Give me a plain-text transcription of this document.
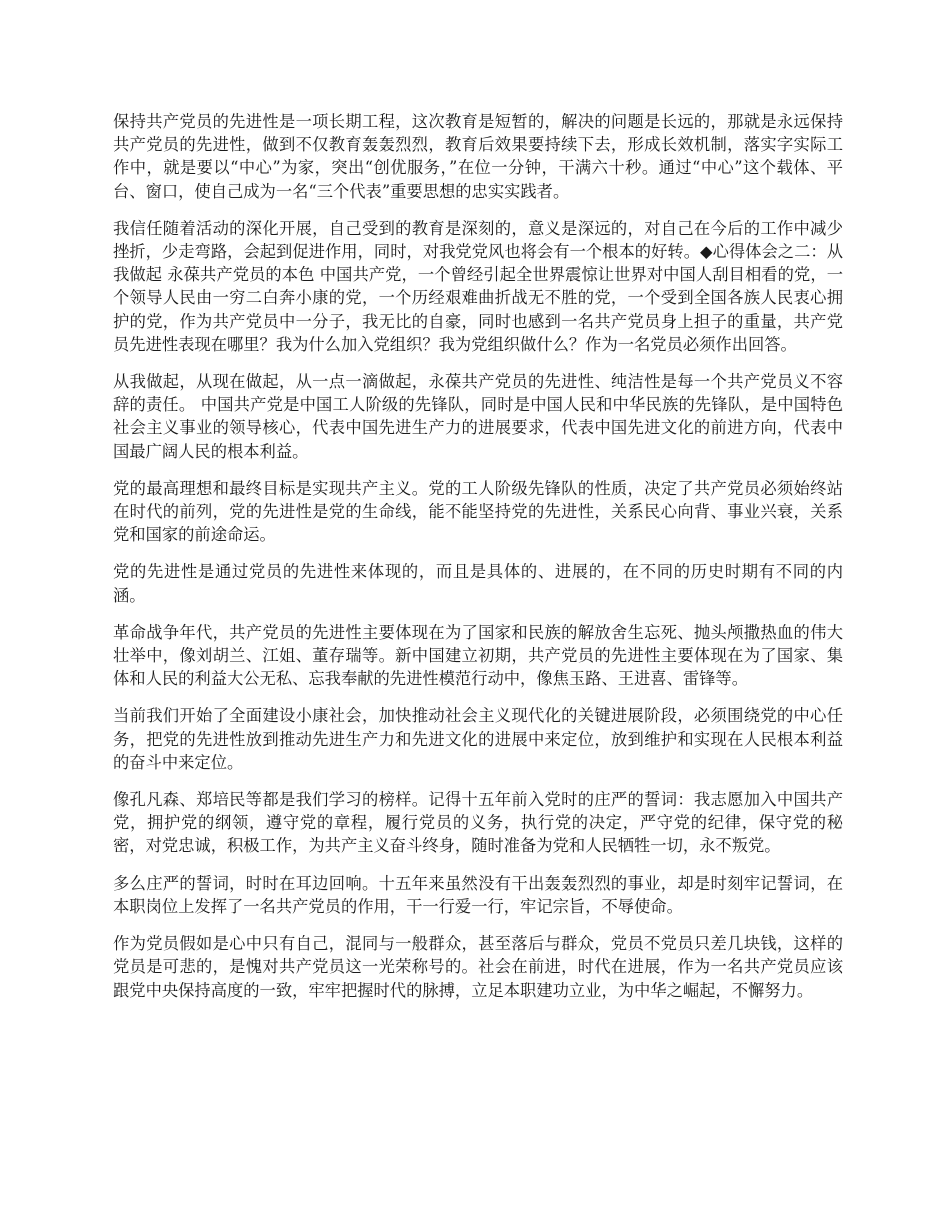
保持共产党员的先进性是一项长期工程，这次教育是短暂的，解决的问题是长远的，那就是永远保持共产党员的先进性，做到不仅教育轰轰烈烈，教育后效果要持续下去，形成长效机制，落实字实际工作中，就是要以“中心”为家，突出“创优服务，”在位一分钟，干满六十秒。通过“中心”这个载体、平台、窗口，使自己成为一名“三个代表”重要思想的忠实实践者。

我信任随着活动的深化开展，自己受到的教育是深刻的，意义是深远的，对自己在今后的工作中减少挫折，少走弯路，会起到促进作用，同时，对我党党风也将会有一个根本的好转。◆心得体会之二：从我做起 永葆共产党员的本色 中国共产党，一个曾经引起全世界震惊让世界对中国人刮目相看的党，一个领导人民由一穷二白奔小康的党，一个历经艰难曲折战无不胜的党，一个受到全国各族人民衷心拥护的党，作为共产党员中一分子，我无比的自豪，同时也感到一名共产党员身上担子的重量，共产党员先进性表现在哪里？我为什么加入党组织？我为党组织做什么？作为一名党员必须作出回答。

从我做起，从现在做起，从一点一滴做起，永葆共产党员的先进性、纯洁性是每一个共产党员义不容辞的责任。 中国共产党是中国工人阶级的先锋队，同时是中国人民和中华民族的先锋队，是中国特色社会主义事业的领导核心，代表中国先进生产力的进展要求，代表中国先进文化的前进方向，代表中国最广阔人民的根本利益。

党的最高理想和最终目标是实现共产主义。党的工人阶级先锋队的性质，决定了共产党员必须始终站在时代的前列，党的先进性是党的生命线，能不能坚持党的先进性，关系民心向背、事业兴衰，关系党和国家的前途命运。

党的先进性是通过党员的先进性来体现的，而且是具体的、进展的，在不同的历史时期有不同的内涵。

革命战争年代，共产党员的先进性主要体现在为了国家和民族的解放舍生忘死、抛头颅撒热血的伟大壮举中，像刘胡兰、江姐、董存瑞等。新中国建立初期，共产党员的先进性主要体现在为了国家、集体和人民的利益大公无私、忘我奉献的先进性模范行动中，像焦玉路、王进喜、雷锋等。

当前我们开始了全面建设小康社会，加快推动社会主义现代化的关键进展阶段，必须围绕党的中心任务，把党的先进性放到推动先进生产力和先进文化的进展中来定位，放到维护和实现在人民根本利益的奋斗中来定位。

像孔凡森、郑培民等都是我们学习的榜样。记得十五年前入党时的庄严的誓词：我志愿加入中国共产党，拥护党的纲领，遵守党的章程，履行党员的义务，执行党的决定，严守党的纪律，保守党的秘密，对党忠诚，积极工作，为共产主义奋斗终身，随时准备为党和人民牺牲一切，永不叛党。

多么庄严的誓词，时时在耳边回响。十五年来虽然没有干出轰轰烈烈的事业，却是时刻牢记誓词，在本职岗位上发挥了一名共产党员的作用，干一行爱一行，牢记宗旨，不辱使命。

作为党员假如是心中只有自己，混同与一般群众，甚至落后与群众，党员不党员只差几块钱，这样的党员是可悲的，是愧对共产党员这一光荣称号的。社会在前进，时代在进展，作为一名共产党员应该跟党中央保持高度的一致，牢牢把握时代的脉搏，立足本职建功立业，为中华之崛起，不懈努力。
